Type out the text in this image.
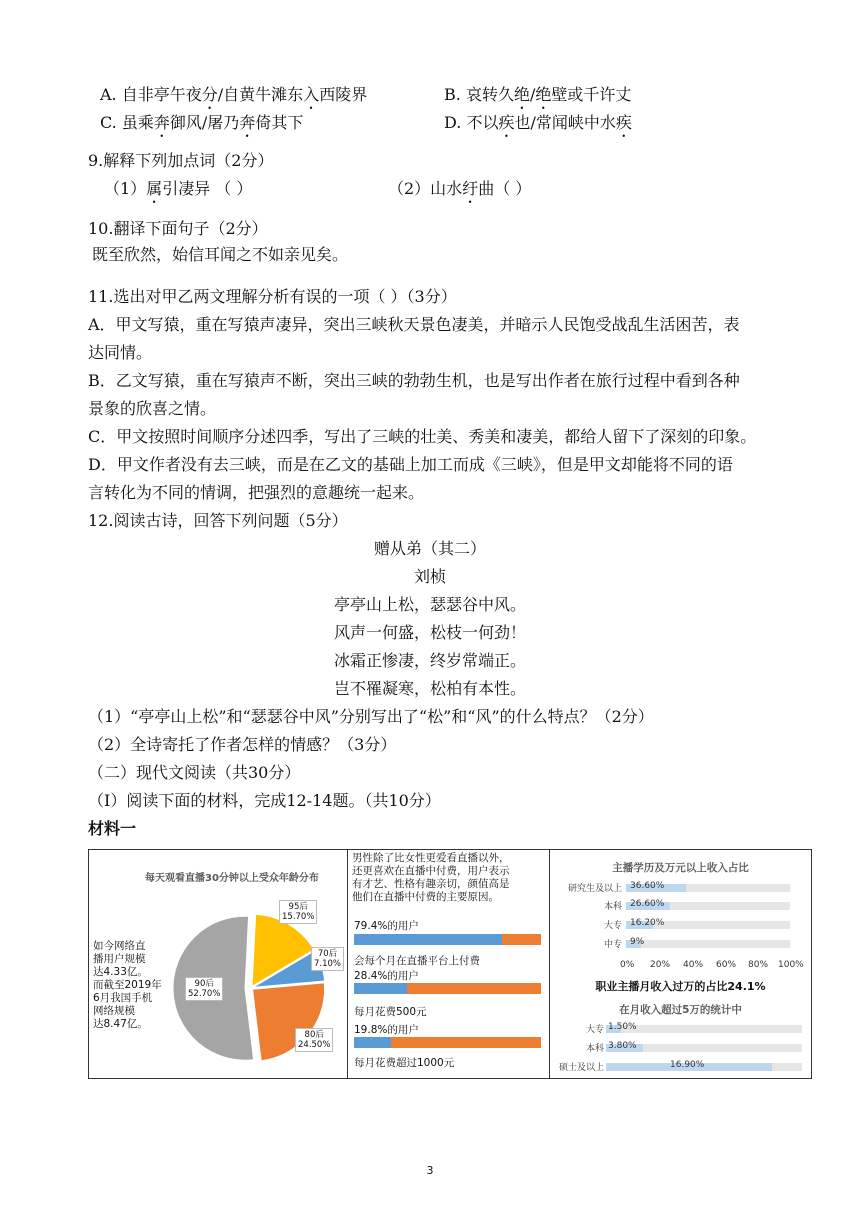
A. 自非亭午夜分/自黄牛滩东入西陵界	B. 哀转久绝/绝壁或千许丈
C. 虽乘奔御风/屠乃奔倚其下	D. 不以疾也/常闻峡中水疾
9.解释下列加点词（2分）
（1）属引凄异 （ ）	（2）山水纡曲（ ）
10.翻译下面句子（2分）
既至欣然，始信耳闻之不如亲见矣。
11.选出对甲乙两文理解分析有误的一项（ ）（3分）
A．甲文写猿，重在写猿声凄异，突出三峡秋天景色凄美，并暗示人民饱受战乱生活困苦，表
达同情。
B．乙文写猿，重在写猿声不断，突出三峡的勃勃生机，也是写出作者在旅行过程中看到各种
景象的欣喜之情。
C．甲文按照时间顺序分述四季，写出了三峡的壮美、秀美和凄美，都给人留下了深刻的印象。
D．甲文作者没有去三峡，而是在乙文的基础上加工而成《三峡》，但是甲文却能将不同的语
言转化为不同的情调，把强烈的意趣统一起来。
12.阅读古诗，回答下列问题（5分）
赠从弟（其二）
刘桢
亭亭山上松，瑟瑟谷中风。
风声一何盛，松枝一何劲！
冰霜正惨凄，终岁常端正。
岂不罹凝寒，松柏有本性。
（1）“亭亭山上松”和“瑟瑟谷中风”分别写出了“松”和“风”的什么特点？（2分）
（2）全诗寄托了作者怎样的情感？（3分）
（二）现代文阅读（共30分）
（Ⅰ）阅读下面的材料，完成12-14题。（共10分）
材料一
每天观看直播30分钟以上受众年龄分布
如今网络直
播用户规模
达4.33亿。
而截至2019年
6月我国手机
网络规模
达8.47亿。
95后
15.70%
70后
7.10%
80后
24.50%
90后
52.70%
男性除了比女性更爱看直播以外，
还更喜欢在直播中付费，用户表示
有才艺、性格有趣亲切，颜值高是
他们在直播中付费的主要原因。
79.4%的用户
会每个月在直播平台上付费
28.4%的用户
每月花费500元
19.8%的用户
每月花费超过1000元
主播学历及万元以上收入占比
研究生及以上 36.60%
本科 26.60%
大专 16.20%
中专 9%
0% 20% 40% 60% 80% 100%
职业主播月收入过万的占比24.1%
在月收入超过5万的统计中
大专 1.50%
本科 3.80%
硕士及以上	16.90%
3
